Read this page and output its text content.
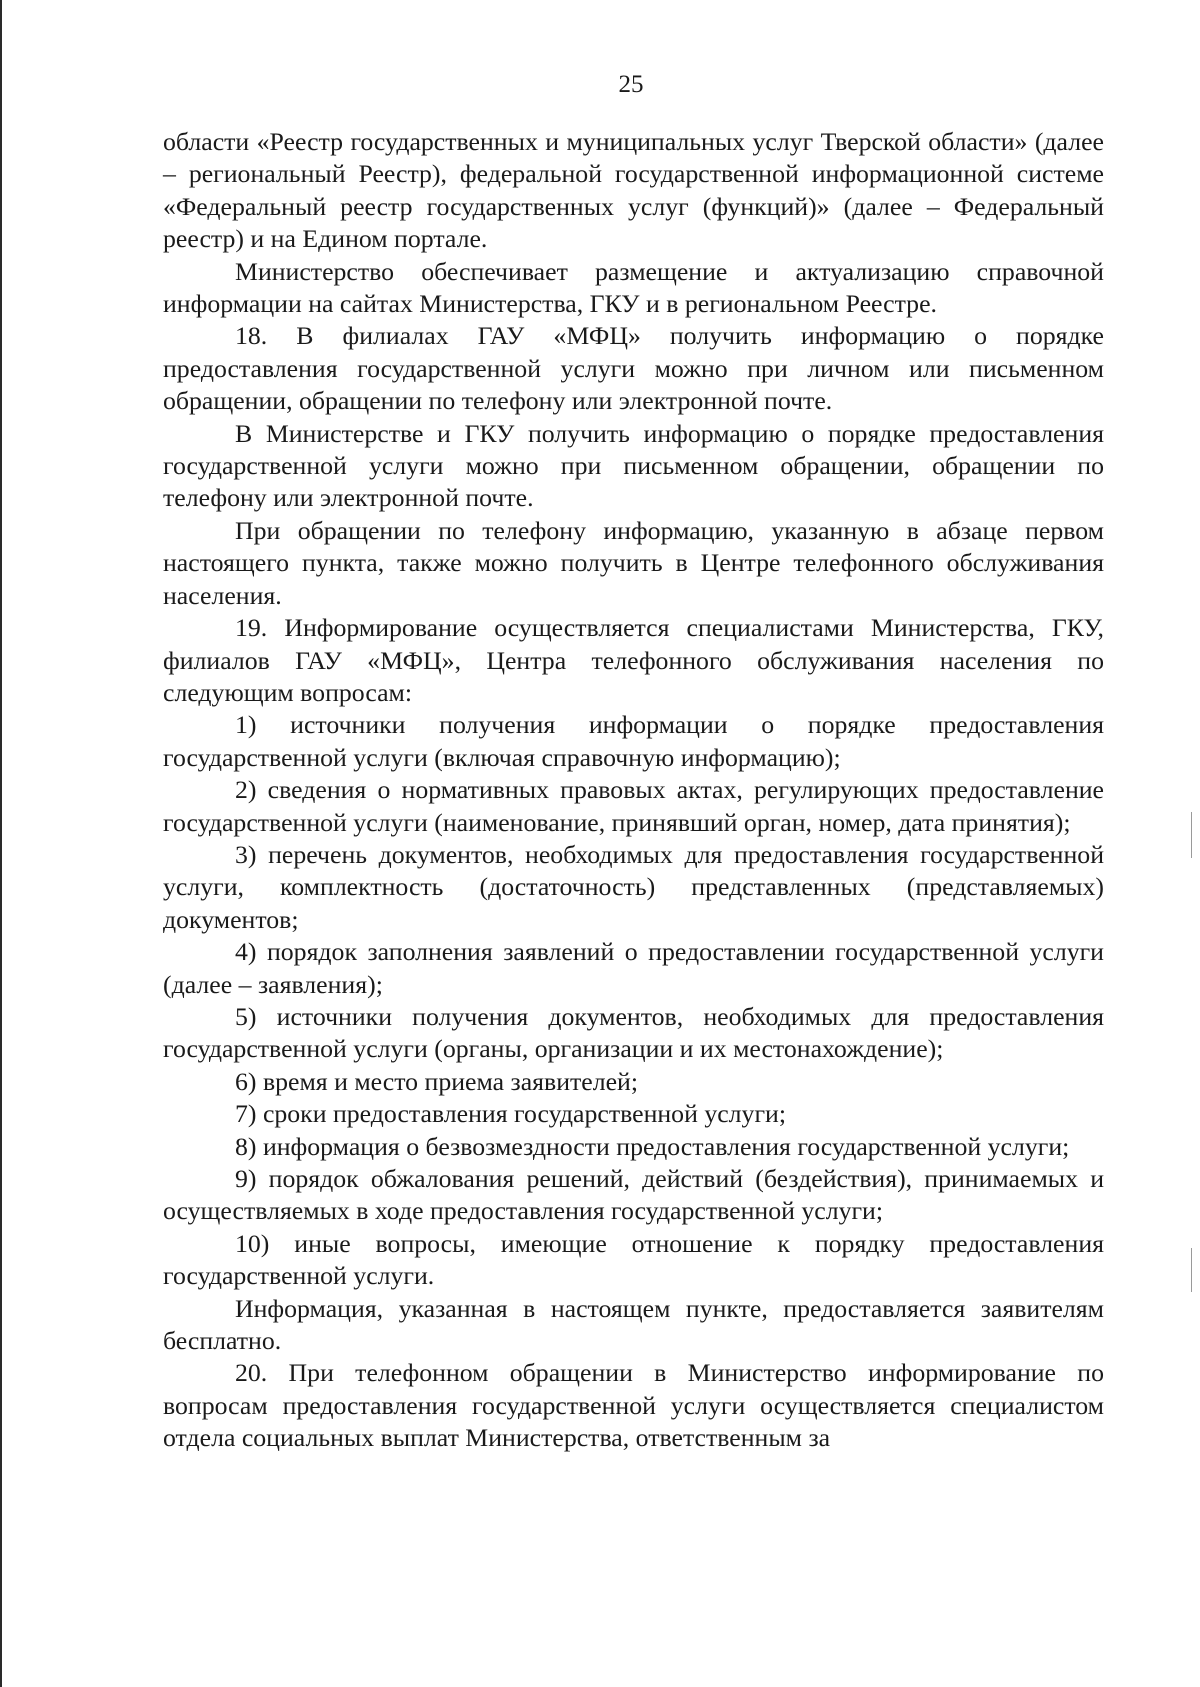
25

области «Реестр государственных и муниципальных услуг Тверской области» (далее – региональный Реестр), федеральной государственной информационной системе «Федеральный реестр государственных услуг (функций)» (далее – Федеральный реестр) и на Едином портале.

Министерство обеспечивает размещение и актуализацию справочной информации на сайтах Министерства, ГКУ и в региональном Реестре.

18. В филиалах ГАУ «МФЦ» получить информацию о порядке предоставления государственной услуги можно при личном или письменном обращении, обращении по телефону или электронной почте.

В Министерстве и ГКУ получить информацию о порядке предоставления государственной услуги можно при письменном обращении, обращении по телефону или электронной почте.

При обращении по телефону информацию, указанную в абзаце первом настоящего пункта, также можно получить в Центре телефонного обслуживания населения.

19. Информирование осуществляется специалистами Министерства, ГКУ, филиалов ГАУ «МФЦ», Центра телефонного обслуживания населения по следующим вопросам:

1) источники получения информации о порядке предоставления государственной услуги (включая справочную информацию);

2) сведения о нормативных правовых актах, регулирующих предоставление государственной услуги (наименование, принявший орган, номер, дата принятия);

3) перечень документов, необходимых для предоставления государственной услуги, комплектность (достаточность) представленных (представляемых) документов;

4) порядок заполнения заявлений о предоставлении государственной услуги (далее – заявления);

5) источники получения документов, необходимых для предоставления государственной услуги (органы, организации и их местонахождение);

6) время и место приема заявителей;

7) сроки предоставления государственной услуги;

8) информация о безвозмездности предоставления государственной услуги;

9) порядок обжалования решений, действий (бездействия), принимаемых и осуществляемых в ходе предоставления государственной услуги;

10) иные вопросы, имеющие отношение к порядку предоставления государственной услуги.

Информация, указанная в настоящем пункте, предоставляется заявителям бесплатно.

20. При телефонном обращении в Министерство информирование по вопросам предоставления государственной услуги осуществляется специалистом отдела социальных выплат Министерства, ответственным за
